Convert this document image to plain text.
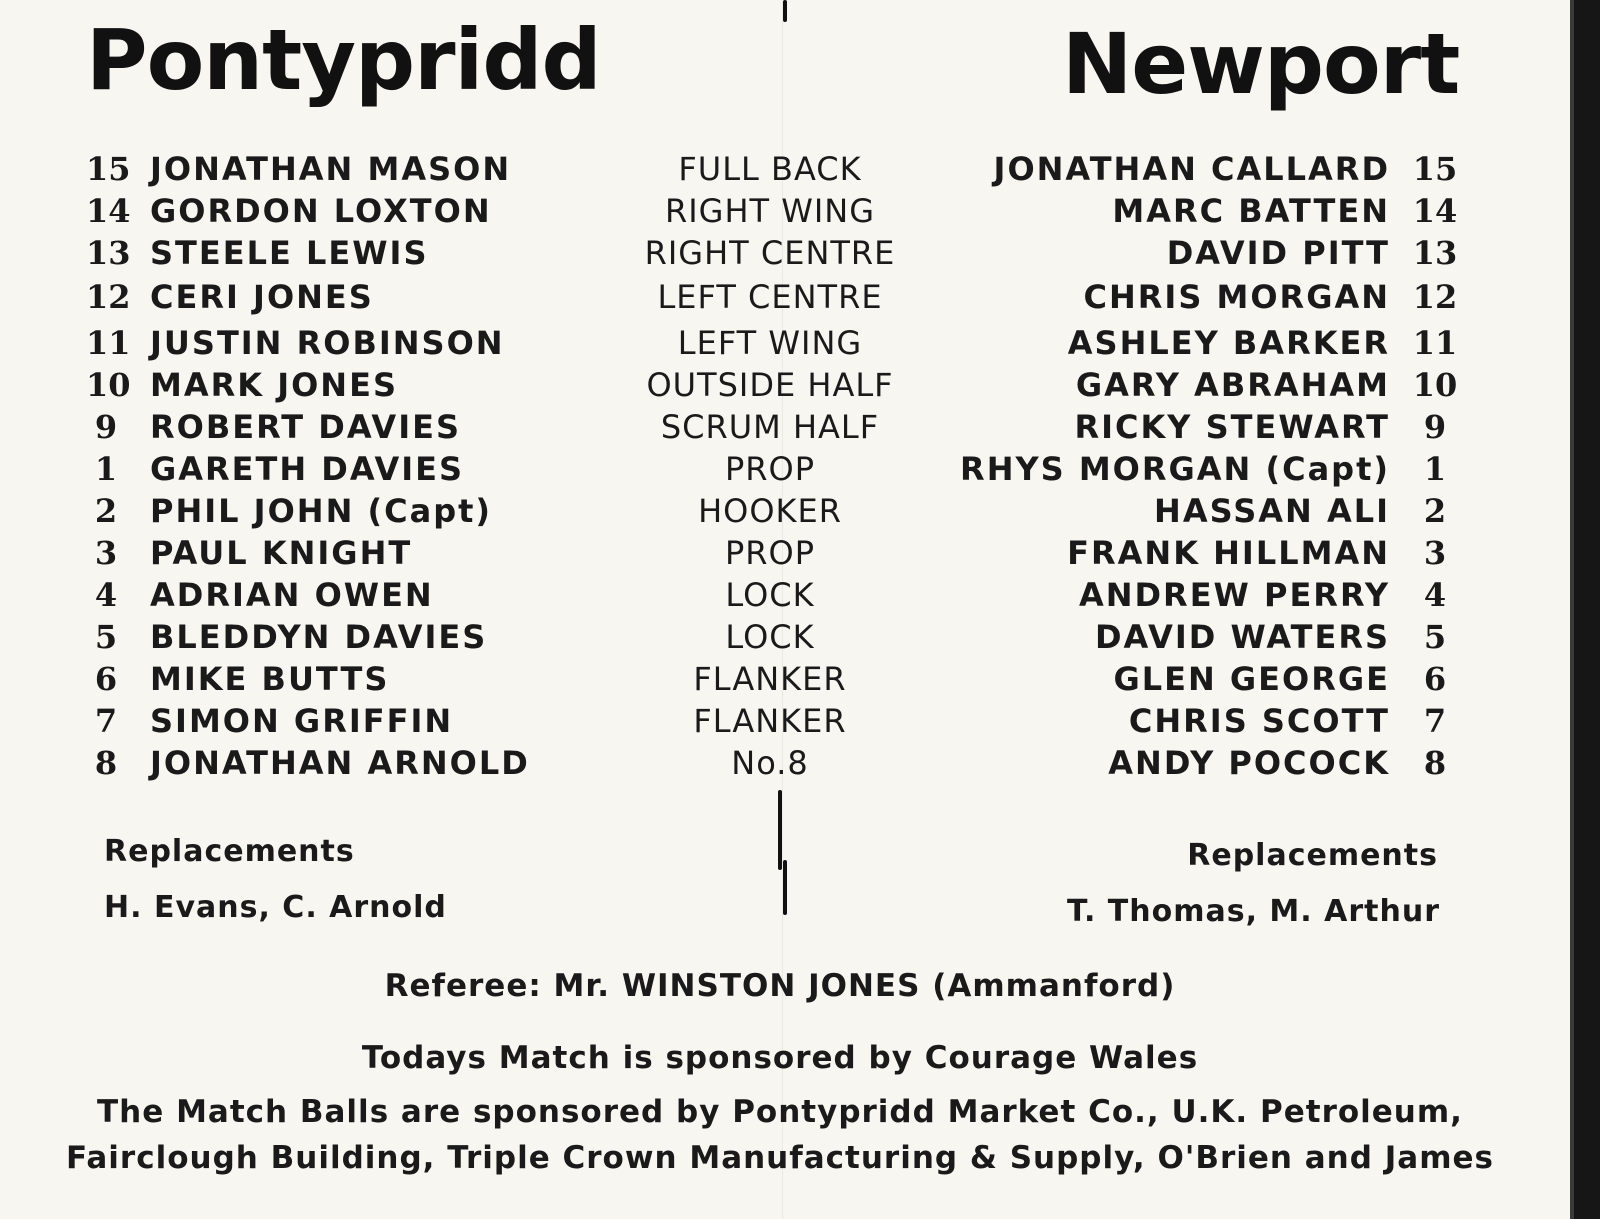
Pontypridd	Newport
15 JONATHAN MASON	FULL BACK	JONATHAN CALLARD 15
14 GORDON LOXTON	RIGHT WING	MARC BATTEN 14
13 STEELE LEWIS	RIGHT CENTRE	DAVID PITT 13
12 CERI JONES	LEFT CENTRE	CHRIS MORGAN 12
11 JUSTIN ROBINSON	LEFT WING	ASHLEY BARKER 11
10 MARK JONES	OUTSIDE HALF	GARY ABRAHAM 10
9 ROBERT DAVIES	SCRUM HALF	RICKY STEWART	9
1 GARETH DAVIES	PROP	RHYS MORGAN (Capt)	1
2 PHIL JOHN (Capt)	HOOKER	HASSAN ALI	2
3 PAUL KNIGHT	PROP	FRANK HILLMAN	3
4 ADRIAN OWEN	LOCK	ANDREW PERRY	4
5 BLEDDYN DAVIES	LOCK	DAVID WATERS	5
6 MIKE BUTTS	FLANKER	GLEN GEORGE	6
7 SIMON GRIFFIN	FLANKER	CHRIS SCOTT	7
8 JONATHAN ARNOLD	No.8	ANDY POCOCK	8
Replacements
H. Evans, C. Arnold
Replacements
T. Thomas, M. Arthur
Referee: Mr. WINSTON JONES (Ammanford)
Todays Match is sponsored by Courage Wales
The Match Balls are sponsored by Pontypridd Market Co., U.K. Petroleum,
Fairclough Building, Triple Crown Manufacturing & Supply, O'Brien and James
